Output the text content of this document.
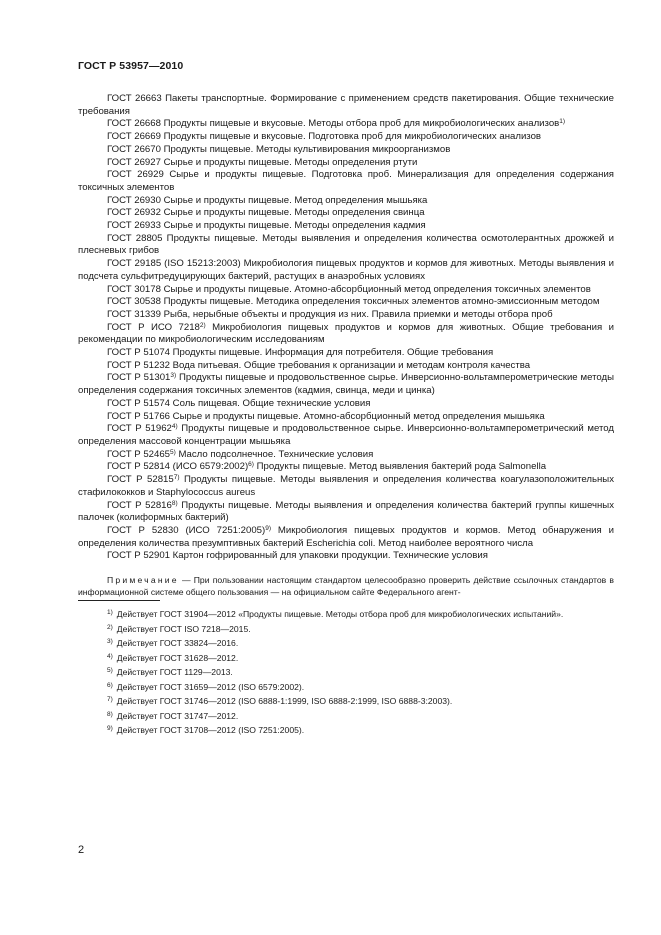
ГОСТ Р 53957—2010

ГОСТ 26663 Пакеты транспортные. Формирование с применением средств пакетирования. Общие технические требования

ГОСТ 26668 Продукты пищевые и вкусовые. Методы отбора проб для микробиологических анализов$^{1)}$

ГОСТ 26669 Продукты пищевые и вкусовые. Подготовка проб для микробиологических анализов

ГОСТ 26670 Продукты пищевые. Методы культивирования микроорганизмов

ГОСТ 26927 Сырье и продукты пищевые. Методы определения ртути

ГОСТ 26929 Сырье и продукты пищевые. Подготовка проб. Минерализация для определения содержания токсичных элементов

ГОСТ 26930 Сырье и продукты пищевые. Метод определения мышьяка

ГОСТ 26932 Сырье и продукты пищевые. Методы определения свинца

ГОСТ 26933 Сырье и продукты пищевые. Методы определения кадмия

ГОСТ 28805 Продукты пищевые. Методы выявления и определения количества осмотолерантных дрожжей и плесневых грибов

ГОСТ 29185 (ISO 15213:2003) Микробиология пищевых продуктов и кормов для животных. Методы выявления и подсчета сульфитредуцирующих бактерий, растущих в анаэробных условиях

ГОСТ 30178 Сырье и продукты пищевые. Атомно-абсорбционный метод определения токсичных элементов

ГОСТ 30538 Продукты пищевые. Методика определения токсичных элементов атомно-эмиссионным методом

ГОСТ 31339 Рыба, нерыбные объекты и продукция из них. Правила приемки и методы отбора проб

ГОСТ Р ИСО 7218$^{2)}$ Микробиология пищевых продуктов и кормов для животных. Общие требования и рекомендации по микробиологическим исследованиям

ГОСТ Р 51074 Продукты пищевые. Информация для потребителя. Общие требования

ГОСТ Р 51232 Вода питьевая. Общие требования к организации и методам контроля качества

ГОСТ Р 51301$^{3)}$ Продукты пищевые и продовольственное сырье. Инверсионно-вольтамперометрические методы определения содержания токсичных элементов (кадмия, свинца, меди и цинка)

ГОСТ Р 51574 Соль пищевая. Общие технические условия

ГОСТ Р 51766 Сырье и продукты пищевые. Атомно-абсорбционный метод определения мышьяка

ГОСТ Р 51962$^{4)}$ Продукты пищевые и продовольственное сырье. Инверсионно-вольтамперометрический метод определения массовой концентрации мышьяка

ГОСТ Р 52465$^{5)}$ Масло подсолнечное. Технические условия

ГОСТ Р 52814 (ИСО 6579:2002)$^{6)}$ Продукты пищевые. Метод выявления бактерий рода Salmonella

ГОСТ Р 52815$^{7)}$ Продукты пищевые. Методы выявления и определения количества коагулазоположительных стафилококков и Staphylococcus aureus

ГОСТ Р 52816$^{8)}$ Продукты пищевые. Методы выявления и определения количества бактерий группы кишечных палочек (колиформных бактерий)

ГОСТ Р 52830 (ИСО 7251:2005)$^{9)}$ Микробиология пищевых продуктов и кормов. Метод обнаружения и определения количества презумптивных бактерий Escherichia coli. Метод наиболее вероятного числа

ГОСТ Р 52901 Картон гофрированный для упаковки продукции. Технические условия

Примечание — При пользовании настоящим стандартом целесообразно проверить действие ссылочных стандартов в информационной системе общего пользования — на официальном сайте Федерального агент-

$^{1)}$ Действует ГОСТ 31904—2012 «Продукты пищевые. Методы отбора проб для микробиологических испытаний».

$^{2)}$ Действует ГОСТ ISO 7218—2015.

$^{3)}$ Действует ГОСТ 33824—2016.

$^{4)}$ Действует ГОСТ 31628—2012.

$^{5)}$ Действует ГОСТ 1129—2013.

$^{6)}$ Действует ГОСТ 31659—2012 (ISO 6579:2002).

$^{7)}$ Действует ГОСТ 31746—2012 (ISO 6888-1:1999, ISO 6888-2:1999, ISO 6888-3:2003).

$^{8)}$ Действует ГОСТ 31747—2012.

$^{9)}$ Действует ГОСТ 31708—2012 (ISO 7251:2005).

2
